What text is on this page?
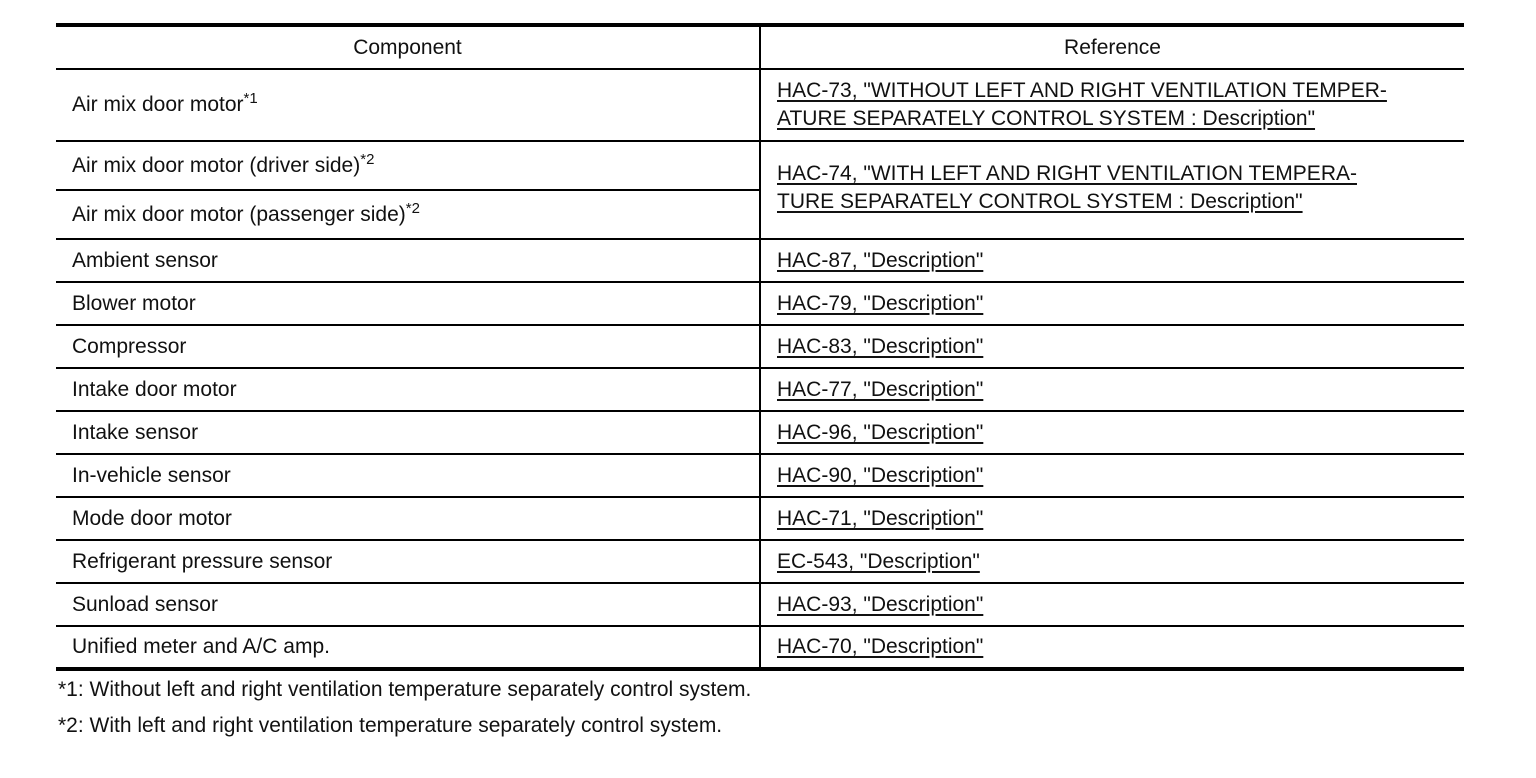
Component	Reference
Air mix door motor$^{*1}$	HAC-73, "WITHOUT LEFT AND RIGHT VENTILATION TEMPER-
ATURE SEPARATELY CONTROL SYSTEM : Description"

Air mix door motor (driver side)$^{*2}$	HAC-74, "WITH LEFT AND RIGHT VENTILATION TEMPERA-
TURE SEPARATELY CONTROL SYSTEM : Description"

Air mix door motor (passenger side)$^{*2}$
Ambient sensor	HAC-87, "Description"
Blower motor	HAC-79, "Description"
Compressor	HAC-83, "Description"
Intake door motor	HAC-77, "Description"
Intake sensor	HAC-96, "Description"
In-vehicle sensor	HAC-90, "Description"
Mode door motor	HAC-71, "Description"
Refrigerant pressure sensor	EC-543, "Description"
Sunload sensor	HAC-93, "Description"
Unified meter and A/C amp.	HAC-70, "Description"
*1: Without left and right ventilation temperature separately control system.
*2: With left and right ventilation temperature separately control system.
